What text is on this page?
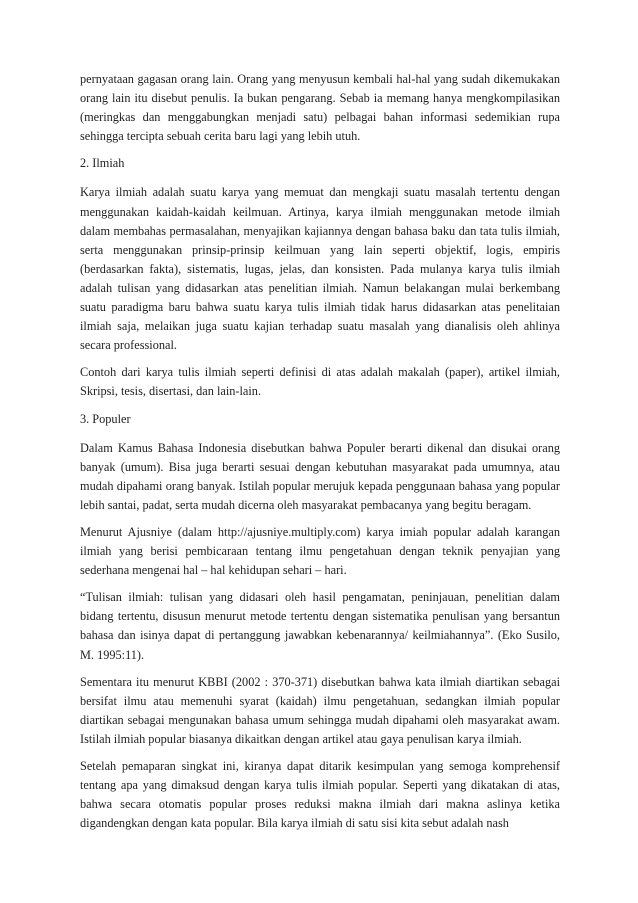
pernyataan gagasan orang lain. Orang yang menyusun kembali hal-hal yang sudah dikemukakan orang lain itu disebut penulis. Ia bukan pengarang. Sebab ia memang hanya mengkompilasikan (meringkas dan menggabungkan menjadi satu) pelbagai bahan informasi sedemikian rupa sehingga tercipta sebuah cerita baru lagi yang lebih utuh.

2. Ilmiah

Karya ilmiah adalah suatu karya yang memuat dan mengkaji suatu masalah tertentu dengan menggunakan kaidah-kaidah keilmuan. Artinya, karya ilmiah menggunakan metode ilmiah dalam membahas permasalahan, menyajikan kajiannya dengan bahasa baku dan tata tulis ilmiah, serta menggunakan prinsip-prinsip keilmuan yang lain seperti objektif, logis, empiris (berdasarkan fakta), sistematis, lugas, jelas, dan konsisten. Pada mulanya karya tulis ilmiah adalah tulisan yang didasarkan atas penelitian ilmiah. Namun belakangan mulai berkembang suatu paradigma baru bahwa suatu karya tulis ilmiah tidak harus didasarkan atas penelitaian ilmiah saja, melaikan juga suatu kajian terhadap suatu masalah yang dianalisis oleh ahlinya secara professional.

Contoh dari karya tulis ilmiah seperti definisi di atas adalah makalah (paper), artikel ilmiah, Skripsi, tesis, disertasi, dan lain-lain.

3. Populer

Dalam Kamus Bahasa Indonesia disebutkan bahwa Populer berarti dikenal dan disukai orang banyak (umum). Bisa juga berarti sesuai dengan kebutuhan masyarakat pada umumnya, atau mudah dipahami orang banyak. Istilah popular merujuk kepada penggunaan bahasa yang popular lebih santai, padat, serta mudah dicerna oleh masyarakat pembacanya yang begitu beragam.

Menurut Ajusniye (dalam http://ajusniye.multiply.com) karya imiah popular adalah karangan ilmiah yang berisi pembicaraan tentang ilmu pengetahuan dengan teknik penyajian yang sederhana mengenai hal – hal kehidupan sehari – hari.

“Tulisan ilmiah: tulisan yang didasari oleh hasil pengamatan, peninjauan, penelitian dalam bidang tertentu, disusun menurut metode tertentu dengan sistematika penulisan yang bersantun bahasa dan isinya dapat di pertanggung jawabkan kebenarannya/ keilmiahannya”. (Eko Susilo, M. 1995:11).

Sementara itu menurut KBBI (2002 : 370-371) disebutkan bahwa kata ilmiah diartikan sebagai bersifat ilmu atau memenuhi syarat (kaidah) ilmu pengetahuan, sedangkan ilmiah popular diartikan sebagai mengunakan bahasa umum sehingga mudah dipahami oleh masyarakat awam. Istilah ilmiah popular biasanya dikaitkan dengan artikel atau gaya penulisan karya ilmiah.

Setelah pemaparan singkat ini, kiranya dapat ditarik kesimpulan yang semoga komprehensif tentang apa yang dimaksud dengan karya tulis ilmiah popular. Seperti yang dikatakan di atas, bahwa secara otomatis popular proses reduksi makna ilmiah dari makna aslinya ketika digandengkan dengan kata popular. Bila karya ilmiah di satu sisi kita sebut adalah nash
